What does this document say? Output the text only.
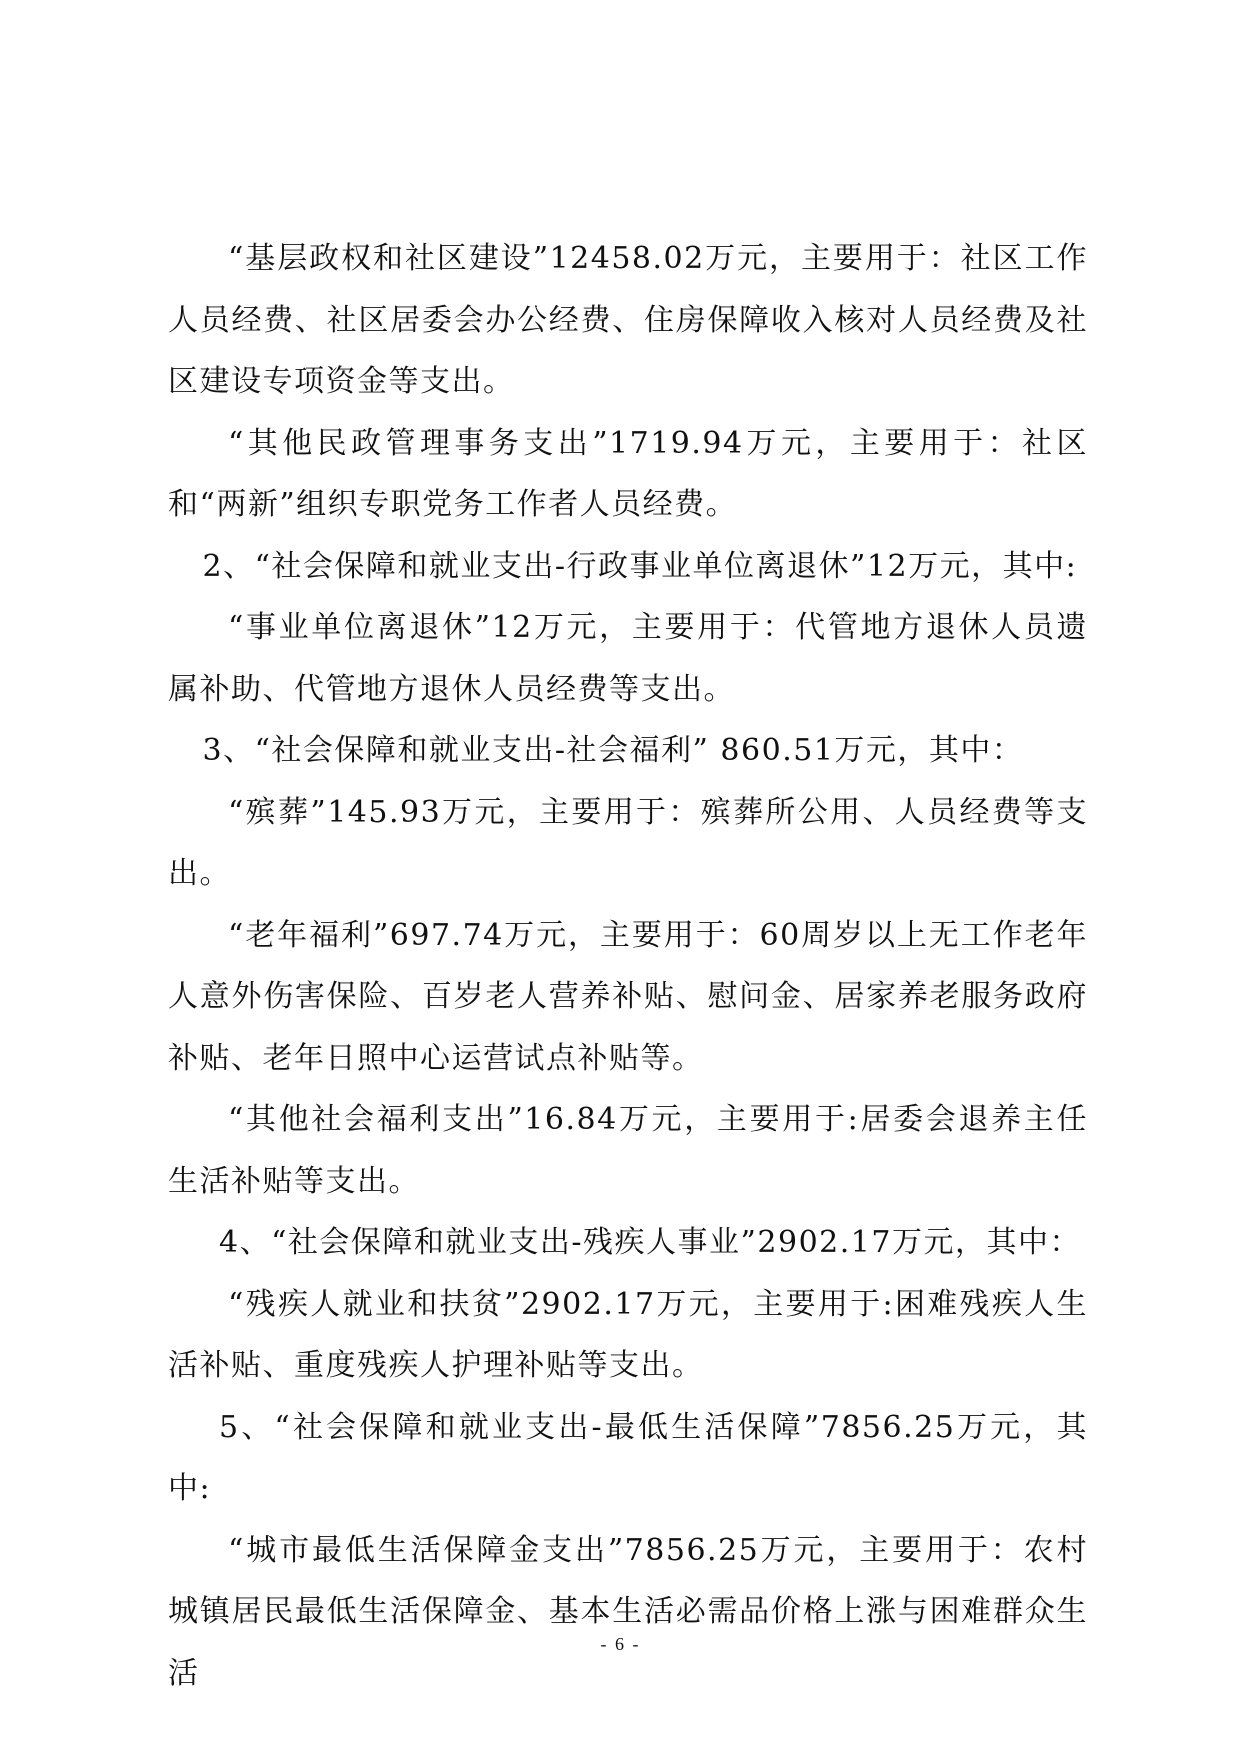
“基层政权和社区建设”12458.02万元，主要用于：社区工作人员经费、社区居委会办公经费、住房保障收入核对人员经费及社区建设专项资金等支出。

“其他民政管理事务支出”1719.94万元，主要用于：社区和“两新”组织专职党务工作者人员经费。

2、“社会保障和就业支出-行政事业单位离退休”12万元，其中:

“事业单位离退休”12万元，主要用于：代管地方退休人员遗属补助、代管地方退休人员经费等支出。

3、“社会保障和就业支出-社会福利” 860.51万元，其中：

“殡葬”145.93万元，主要用于：殡葬所公用、人员经费等支出。

“老年福利”697.74万元，主要用于：60周岁以上无工作老年人意外伤害保险、百岁老人营养补贴、慰问金、居家养老服务政府补贴、老年日照中心运营试点补贴等。

“其他社会福利支出”16.84万元，主要用于:居委会退养主任生活补贴等支出。

4、“社会保障和就业支出-残疾人事业”2902.17万元，其中：

“残疾人就业和扶贫”2902.17万元，主要用于:困难残疾人生活补贴、重度残疾人护理补贴等支出。

5、“社会保障和就业支出-最低生活保障”7856.25万元，其中:

“城市最低生活保障金支出”7856.25万元，主要用于：农村城镇居民最低生活保障金、基本生活必需品价格上涨与困难群众生活

- 6 -
